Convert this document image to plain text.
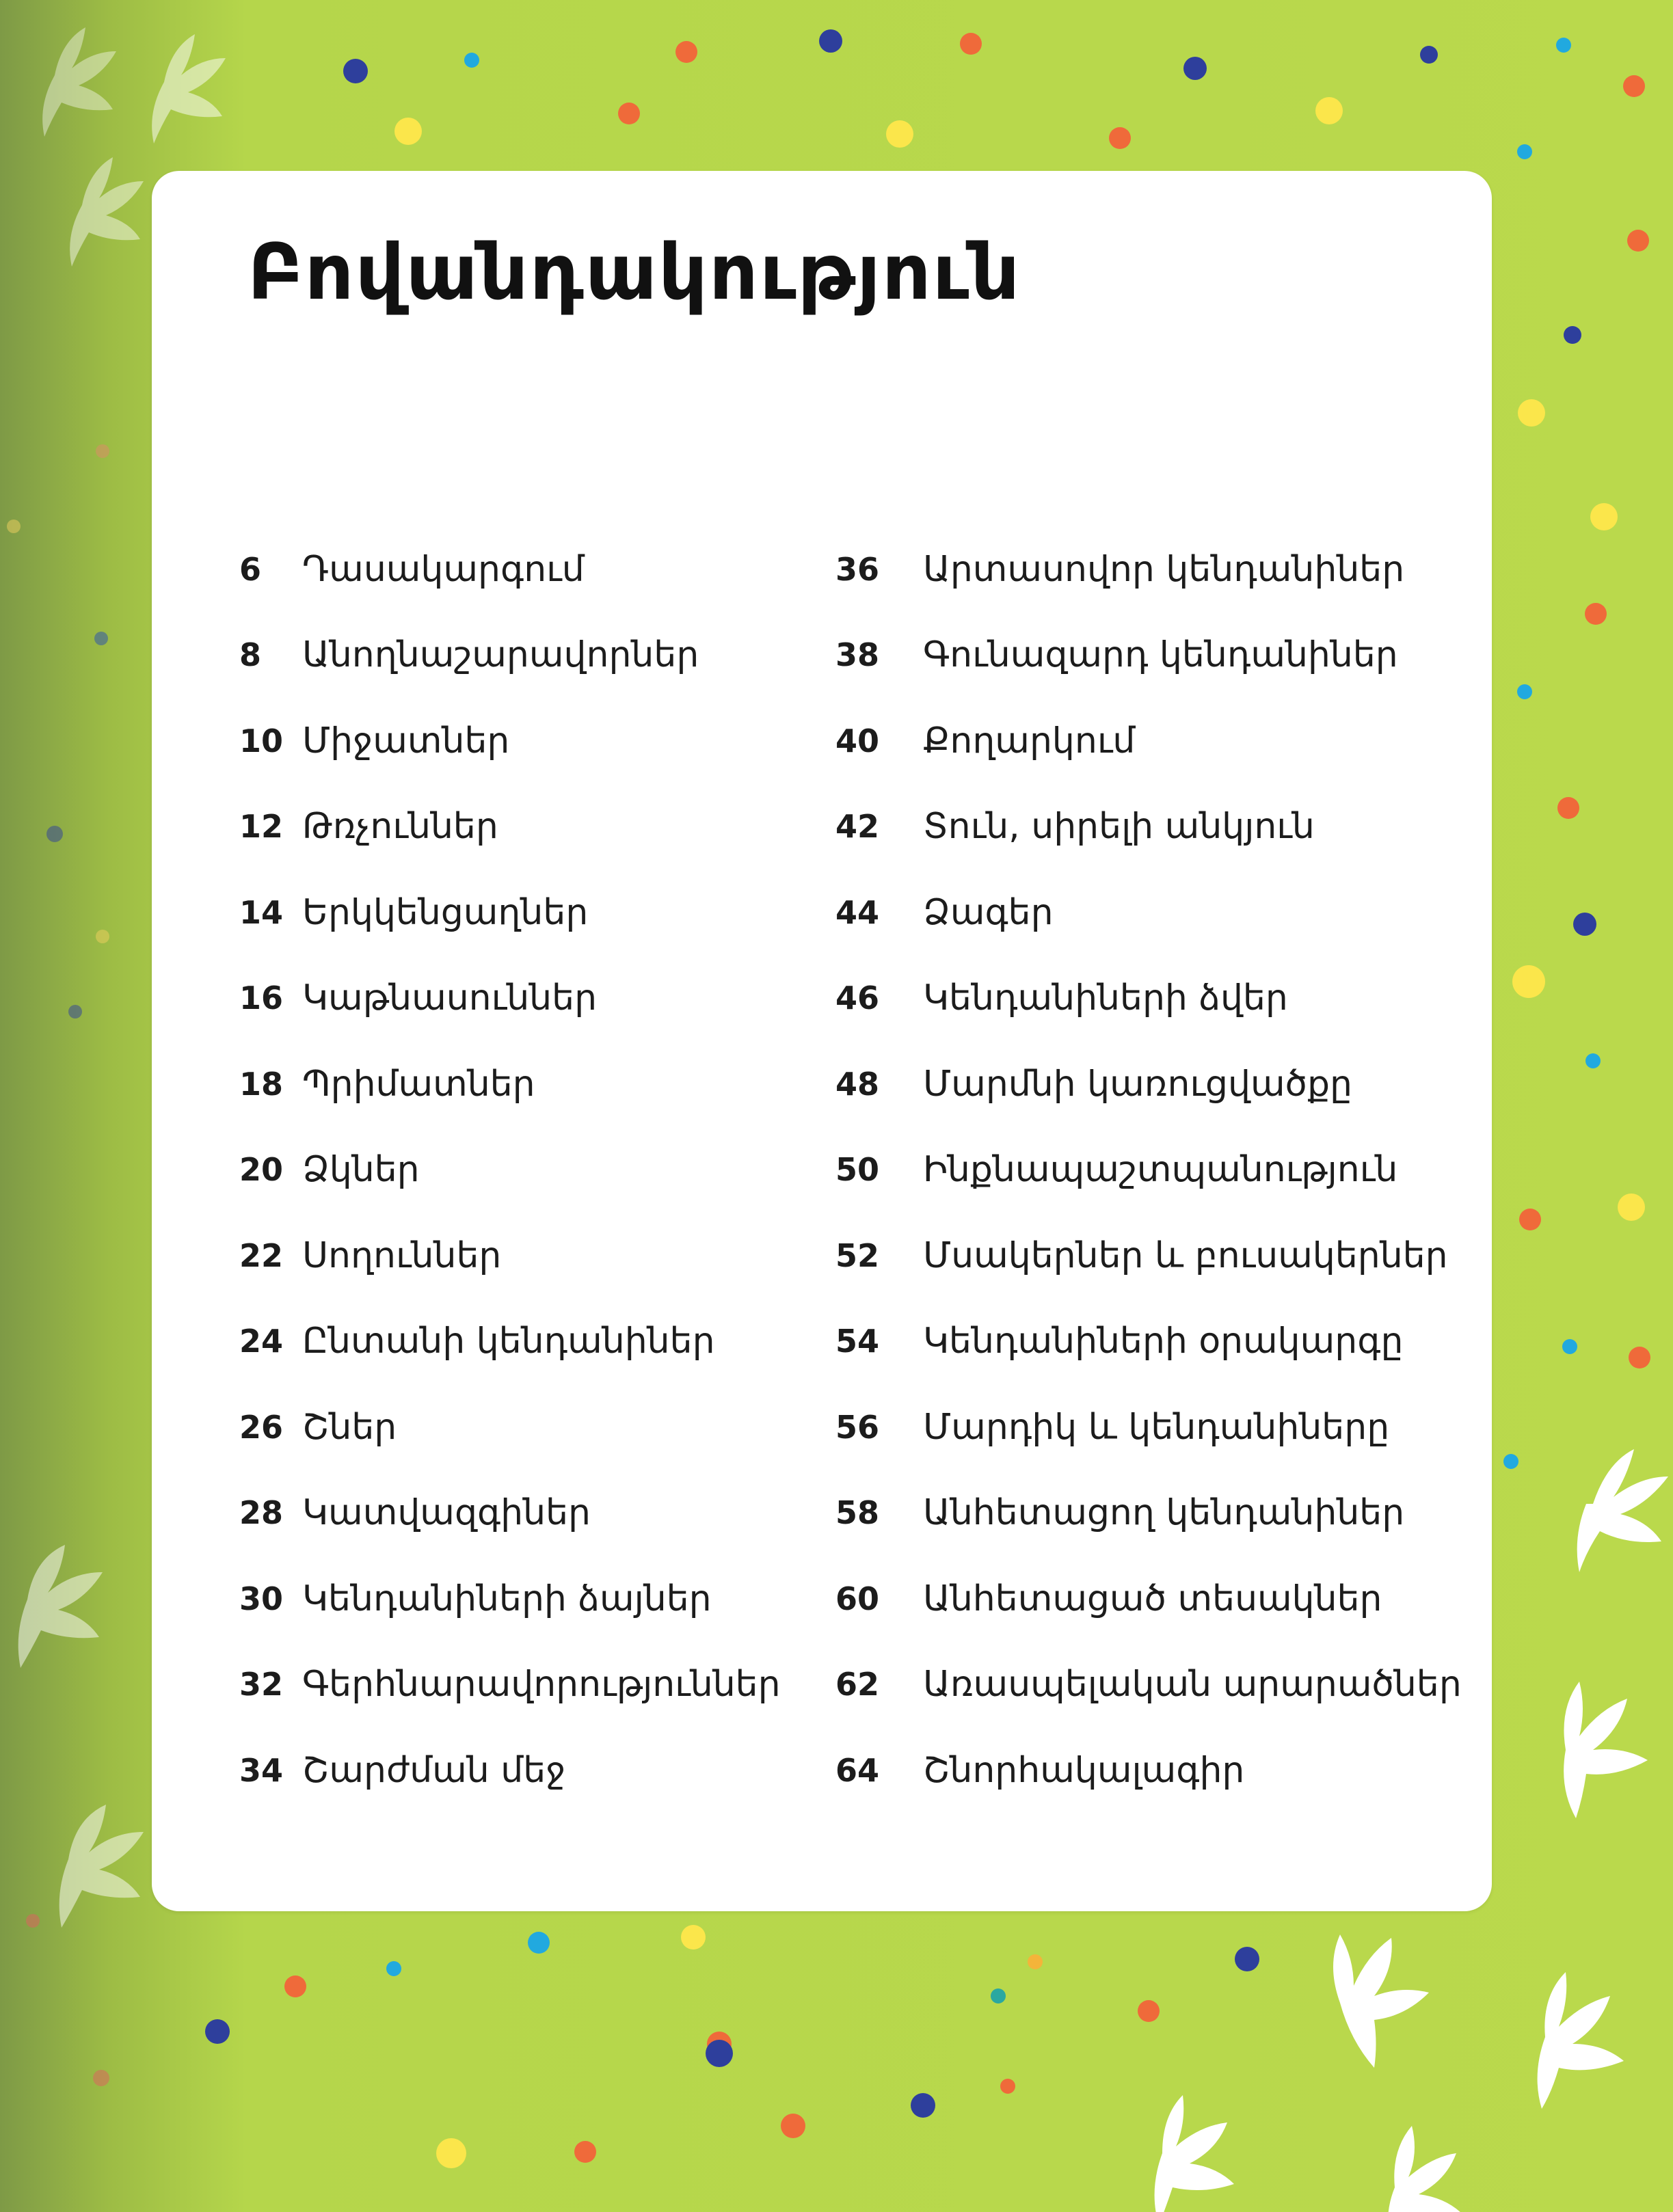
Բովանդակություն
6	Դասակարգում
8	Անողնաշարավորներ
10 Միջատներ
12 Թռչուններ
14 Երկկենցաղներ
16 Կաթնասուններ
18 Պրիմատներ
20 Ձկներ
22 Սողուններ
24 Ընտանի կենդանիներ
26 Շներ
28 Կատվազգիներ
30 Կենդանիների ձայներ
32 Գերհնարավորություններ
34 Շարժման մեջ
36	Արտասովոր կենդանիներ
38	Գունազարդ կենդանիներ
40	Քողարկում
42	Տուն, սիրելի անկյուն
44	Ձագեր
46	Կենդանիների ձվեր
48	Մարմնի կառուցվածքը
50	Ինքնապաշտպանություն
52	Մսակերներ և բուսակերներ
54	Կենդանիների օրակարգը
56	Մարդիկ և կենդանիները
58	Անհետացող կենդանիներ
60	Անհետացած տեսակներ
62	Առասպելական արարածներ
64	Շնորհակալագիր
